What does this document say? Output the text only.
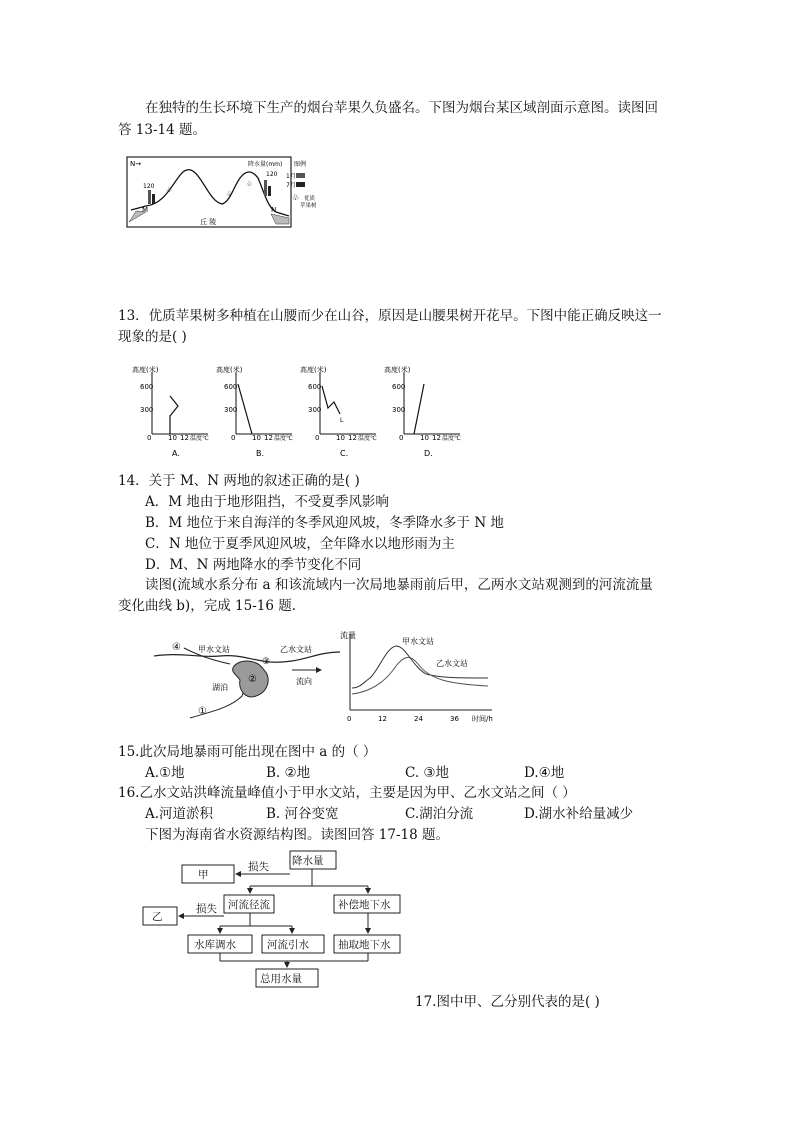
在独特的生长环境下生产的烟台苹果久负盛名。下图为烟台某区域剖面示意图。读图回
答 13-14 题。
N→
120
降水量(mm)
120
M	N
丘 陵
图例
1月
7月
♧ 优质
苹果树
♧
♧
♧
13．优质苹果树多种植在山腰而少在山谷，原因是山腰果树开花早。下图中能正确反映这一
现象的是( )
高度(米)
600
300
0 10 12 温度℃
A.
高度(米)
600
300
0 10 12 温度℃
B.
高度(米)
600
300
0 10 12 温度℃
L
C.
高度(米)
600
300
0 10 12 温度℃
D.
14．关于 M、N 两地的叙述正确的是( )
A．M 地由于地形阻挡，不受夏季风影响
B．M 地位于来自海洋的冬季风迎风坡，冬季降水多于 N 地
C．N 地位于夏季风迎风坡，全年降水以地形雨为主
D．M、N 两地降水的季节变化不同
读图(流域水系分布 a 和该流域内一次局地暴雨前后甲，乙两水文站观测到的河流流量
变化曲线 b)，完成 15-16 题.
④
②
③
①
甲水文站	乙水文站
湖泊
流向
流量
甲水文站
乙水文站
0	12	24	36 时间/h
15.此次局地暴雨可能出现在图中 a 的（ ）
A.①地	B. ②地	C. ③地	D.④地
16.乙水文站洪峰流量峰值小于甲水文站，主要是因为甲、乙水文站之间（ ）
A.河道淤积	B. 河谷变宽	C.湖泊分流	D.湖水补给量减少
下图为海南省水资源结构图。读图回答 17-18 题。
甲
损失 降水量
乙
损失 河流径流	补偿地下水
水库调水	河流引水	抽取地下水
总用水量
17.图中甲、乙分别代表的是( )
